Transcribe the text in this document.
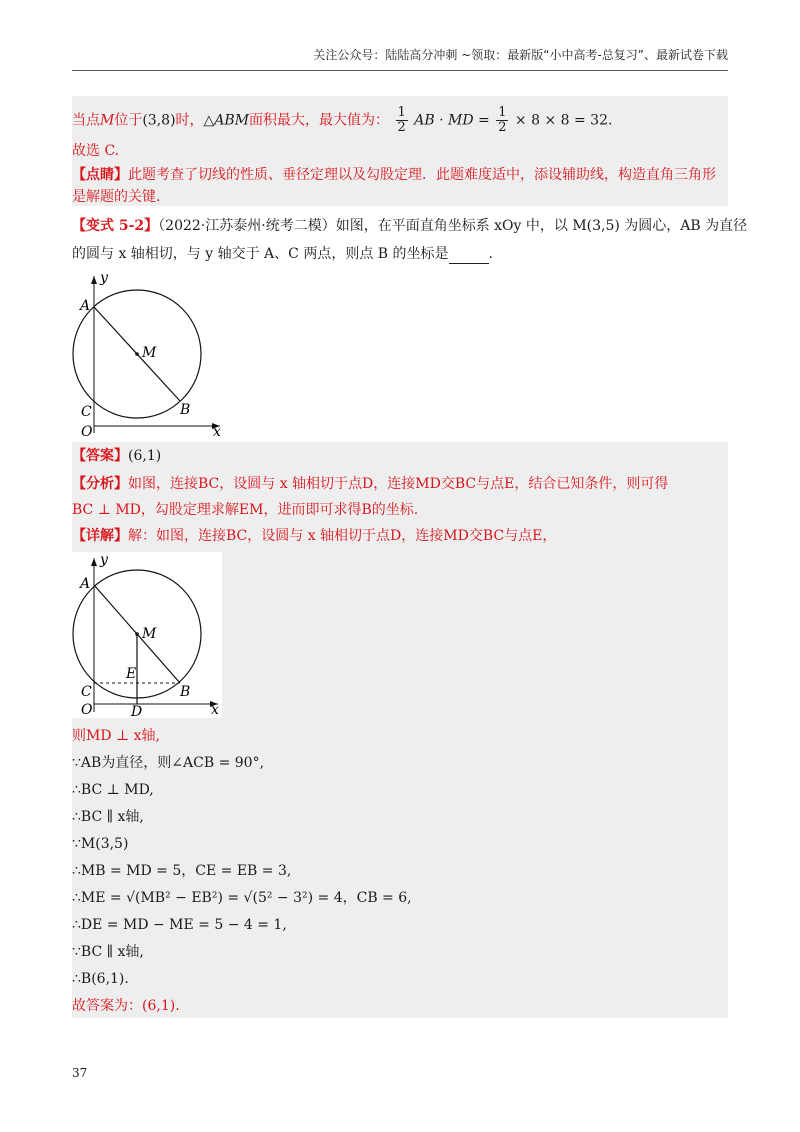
关注公众号：陆陆高分冲刺 ~领取：最新版“小中高考-总复习”、最新试卷下载
当点M位于(3,8)时，△ABM面积最大，最大值为： $\frac{1}{2}$ AB · MD = $\frac{1}{2} \times 8 \times 8 = 32$.
故选 C.
【点睛】此题考查了切线的性质、垂径定理以及勾股定理．此题难度适中，添设辅助线，构造直角三角形
是解题的关键．
【变式 5-2】（2022·江苏泰州·统考二模）如图，在平面直角坐标系 xOy 中，以 M(3,5) 为圆心，AB 为直径
的圆与 x 轴相切，与 y 轴交于 A、C 两点，则点 B 的坐标是	.
y
x
A
M
B
C
O
【答案】(6,1)
【分析】如图，连接BC，设圆与 x 轴相切于点D，连接MD交BC与点E，结合已知条件，则可得
BC ⊥ MD，勾股定理求解EM，进而即可求得B的坐标.
【详解】解：如图，连接BC，设圆与 x 轴相切于点D，连接MD交BC与点E，
y
x
A
M
E
B
C
O	D
则MD ⊥ x轴,
∵AB为直径，则∠ACB = 90°,
∴BC ⊥ MD,
∴BC ∥ x轴,
∵M(3,5)
∴MB = MD = 5，CE = EB = 3,
∴ME = √(MB² − EB²) = √(5² − 3²) = 4，CB = 6,
∴DE = MD − ME = 5 − 4 = 1,
∵BC ∥ x轴,
∴B(6,1).
故答案为：(6,1).
37
